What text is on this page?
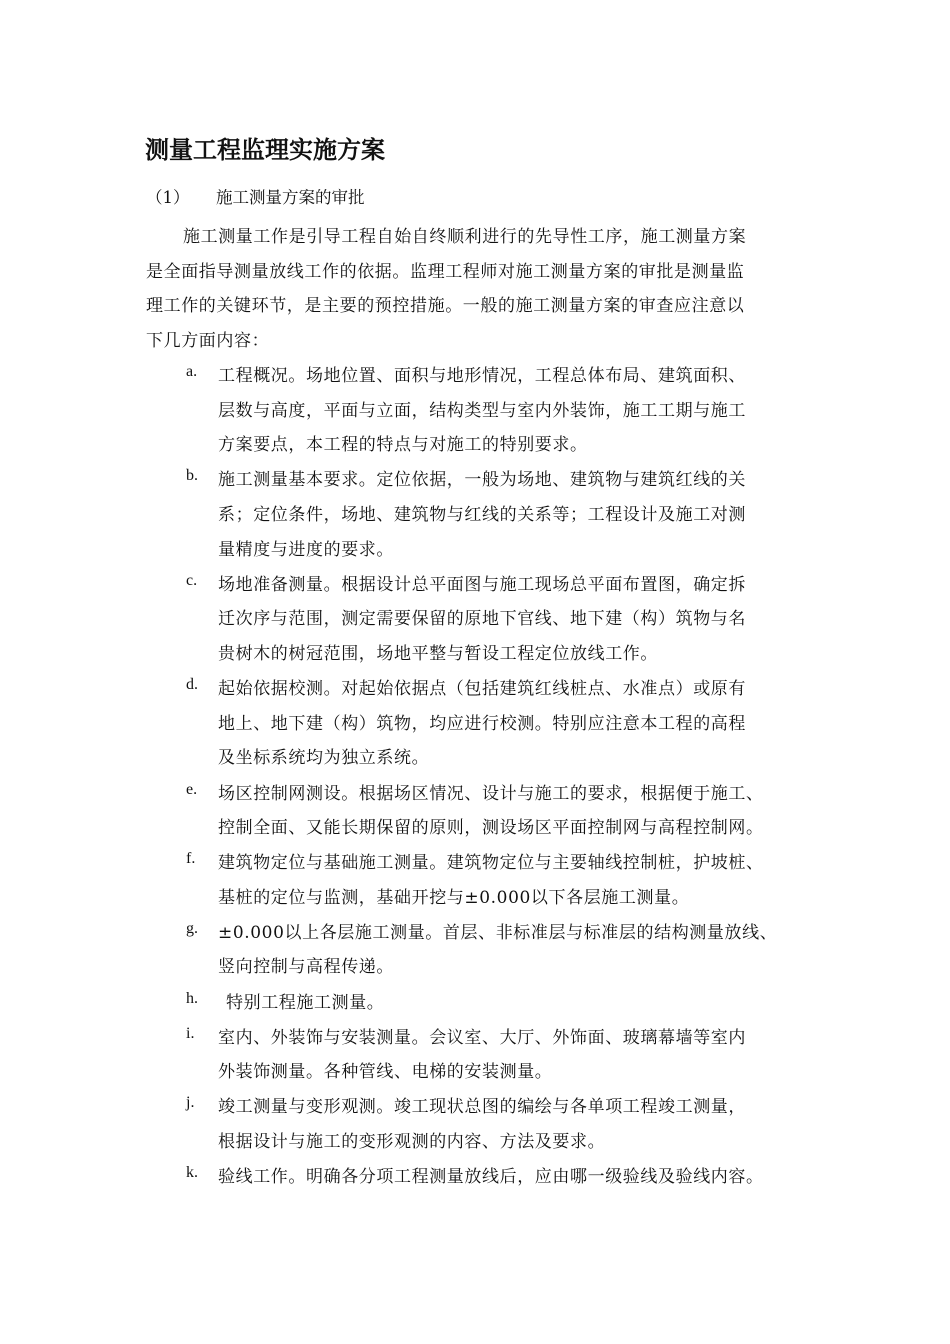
测量工程监理实施方案
（1） 施工测量方案的审批
施工测量工作是引导工程自始自终顺利进行的先导性工序，施工测量方案
是全面指导测量放线工作的依据。监理工程师对施工测量方案的审批是测量监
理工作的关键环节，是主要的预控措施。一般的施工测量方案的审查应注意以
下几方面内容：
a. 工程概况。场地位置、面积与地形情况，工程总体布局、建筑面积、
层数与高度，平面与立面，结构类型与室内外装饰，施工工期与施工
方案要点，本工程的特点与对施工的特别要求。
b. 施工测量基本要求。定位依据，一般为场地、建筑物与建筑红线的关
系；定位条件，场地、建筑物与红线的关系等；工程设计及施工对测
量精度与进度的要求。
c. 场地准备测量。根据设计总平面图与施工现场总平面布置图，确定拆
迁次序与范围，测定需要保留的原地下官线、地下建（构）筑物与名
贵树木的树冠范围，场地平整与暂设工程定位放线工作。
d. 起始依据校测。对起始依据点（包括建筑红线桩点、水准点）或原有
地上、地下建（构）筑物，均应进行校测。特别应注意本工程的高程
及坐标系统均为独立系统。
e. 场区控制网测设。根据场区情况、设计与施工的要求，根据便于施工、
控制全面、又能长期保留的原则，测设场区平面控制网与高程控制网。
f. 建筑物定位与基础施工测量。建筑物定位与主要轴线控制桩，护坡桩、
基桩的定位与监测，基础开挖与±0.000以下各层施工测量。
g. ±0.000以上各层施工测量。首层、非标准层与标准层的结构测量放线、
竖向控制与高程传递。
h. 特别工程施工测量。
i. 室内、外装饰与安装测量。会议室、大厅、外饰面、玻璃幕墙等室内
外装饰测量。各种管线、电梯的安装测量。
j. 竣工测量与变形观测。竣工现状总图的编绘与各单项工程竣工测量，
根据设计与施工的变形观测的内容、方法及要求。
k. 验线工作。明确各分项工程测量放线后，应由哪一级验线及验线内容。
